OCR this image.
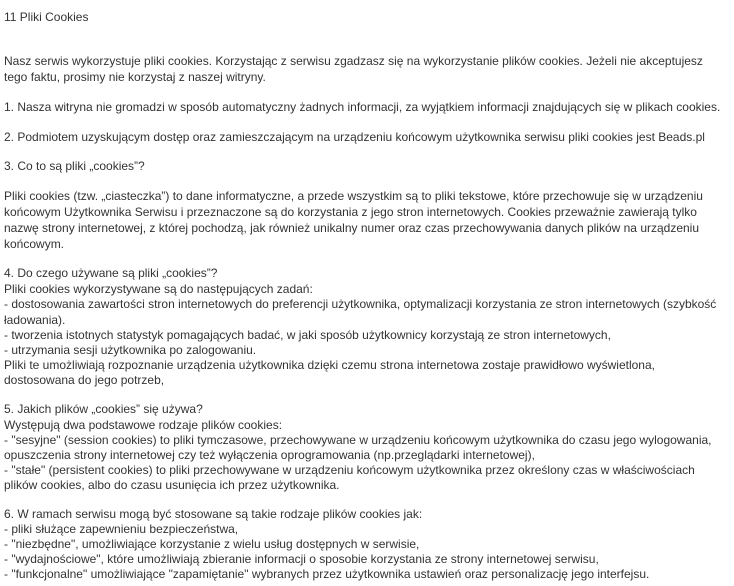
11 Pliki Cookies
Nasz serwis wykorzystuje pliki cookies. Korzystając z serwisu zgadzasz się na wykorzystanie plików cookies. Jeżeli nie akceptujesz
tego faktu, prosimy nie korzystaj z naszej witryny.
1. Nasza witryna nie gromadzi w sposób automatyczny żadnych informacji, za wyjątkiem informacji znajdujących się w plikach cookies.
2. Podmiotem uzyskującym dostęp oraz zamieszczającym na urządzeniu końcowym użytkownika serwisu pliki cookies jest Beads.pl
3. Co to są pliki „cookies”?
Pliki cookies (tzw. „ciasteczka”) to dane informatyczne, a przede wszystkim są to pliki tekstowe, które przechowuje się w urządzeniu
końcowym Użytkownika Serwisu i przeznaczone są do korzystania z jego stron internetowych. Cookies przeważnie zawierają tylko
nazwę strony internetowej, z której pochodzą, jak również unikalny numer oraz czas przechowywania danych plików na urządzeniu
końcowym.
4. Do czego używane są pliki „cookies”?
Pliki cookies wykorzystywane są do następujących zadań:
- dostosowania zawartości stron internetowych do preferencji użytkownika, optymalizacji korzystania ze stron internetowych (szybkość
ładowania).
- tworzenia istotnych statystyk pomagających badać, w jaki sposób użytkownicy korzystają ze stron internetowych,
- utrzymania sesji użytkownika po zalogowaniu.
Pliki te umożliwiają rozpoznanie urządzenia użytkownika dzięki czemu strona internetowa zostaje prawidłowo wyświetlona,
dostosowana do jego potrzeb,
5. Jakich plików „cookies” się używa?
Występują dwa podstawowe rodzaje plików cookies:
- "sesyjne" (session cookies) to pliki tymczasowe, przechowywane w urządzeniu końcowym użytkownika do czasu jego wylogowania,
opuszczenia strony internetowej czy też wyłączenia oprogramowania (np.przeglądarki internetowej),
- "stałe" (persistent cookies) to pliki przechowywane w urządzeniu końcowym użytkownika przez określony czas w właściwościach
plików cookies, albo do czasu usunięcia ich przez użytkownika.
6. W ramach serwisu mogą być stosowane są takie rodzaje plików cookies jak:
- pliki służące zapewnieniu bezpieczeństwa,
- "niezbędne", umożliwiające korzystanie z wielu usług dostępnych w serwisie,
- "wydajnościowe", które umożliwiają zbieranie informacji o sposobie korzystania ze strony internetowej serwisu,
- "funkcjonalne" umożliwiające "zapamiętanie" wybranych przez użytkownika ustawień oraz personalizację jego interfejsu.
